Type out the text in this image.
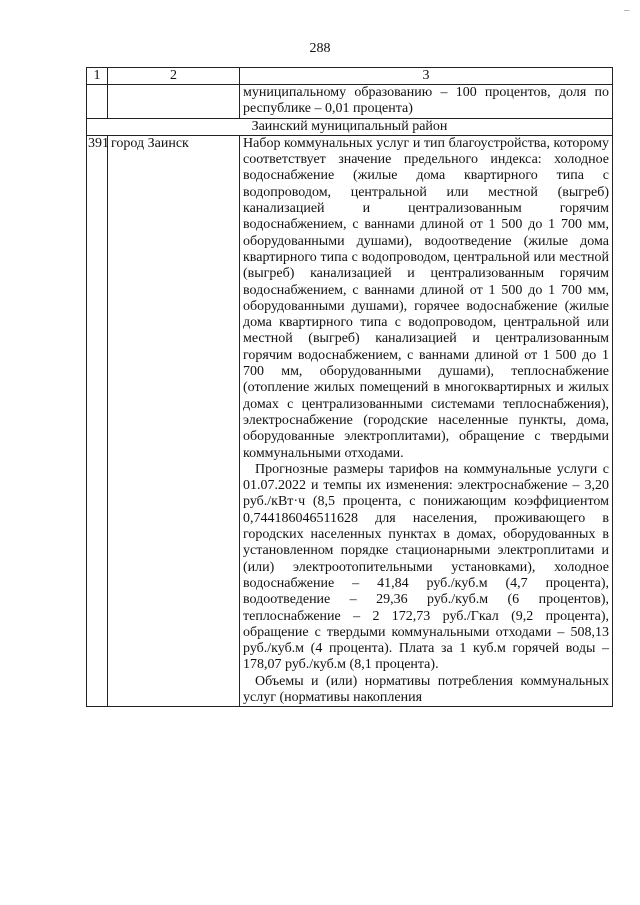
–
288
1	2	3
		муниципальному образованию – 100 процентов, доля по республике – 0,01 процента)
Заинский муниципальный район		
391	город Заинск	Набор коммунальных услуг и тип благоустройства, которому соответствует значение предельного индекса: холодное водоснабжение (жилые дома квартирного типа с водопроводом, центральной или местной (выгреб) канализацией и централизованным горячим водоснабжением, с ваннами длиной от 1 500 до 1 700 мм, оборудованными душами), водоотведение (жилые дома квартирного типа с водопроводом, центральной или местной (выгреб) канализацией и централизованным горячим водоснабжением, с ваннами длиной от 1 500 до 1 700 мм, оборудованными душами), горячее водоснабжение (жилые дома квартирного типа с водопроводом, центральной или местной (выгреб) канализацией и централизованным горячим водоснабжением, с ваннами длиной от 1 500 до 1 700 мм, оборудованными душами), теплоснабжение (отопление жилых помещений в многоквартирных и жилых домах с централизованными системами теплоснабжения), электроснабжение (городские населенные пункты, дома, оборудованные электроплитами), обращение с твердыми коммунальными отходами.

Прогнозные размеры тарифов на коммунальные услуги с 01.07.2022 и темпы их изменения: электроснабжение – 3,20 руб./кВт·ч (8,5 процента, с понижающим коэффициентом 0,744186046511628 для населения, проживающего в городских населенных пунктах в домах, оборудованных в установленном порядке стационарными электроплитами и (или) электроотопительными установками), холодное водоснабжение – 41,84 руб./куб.м (4,7 процента), водоотведение – 29,36 руб./куб.м (6 процентов), теплоснабжение – 2 172,73 руб./Гкал (9,2 процента), обращение с твердыми коммунальными отходами – 508,13 руб./куб.м (4 процента). Плата за 1 куб.м горячей воды – 178,07 руб./куб.м (8,1 процента).

Объемы и (или) нормативы потребления коммунальных услуг (нормативы накопления
